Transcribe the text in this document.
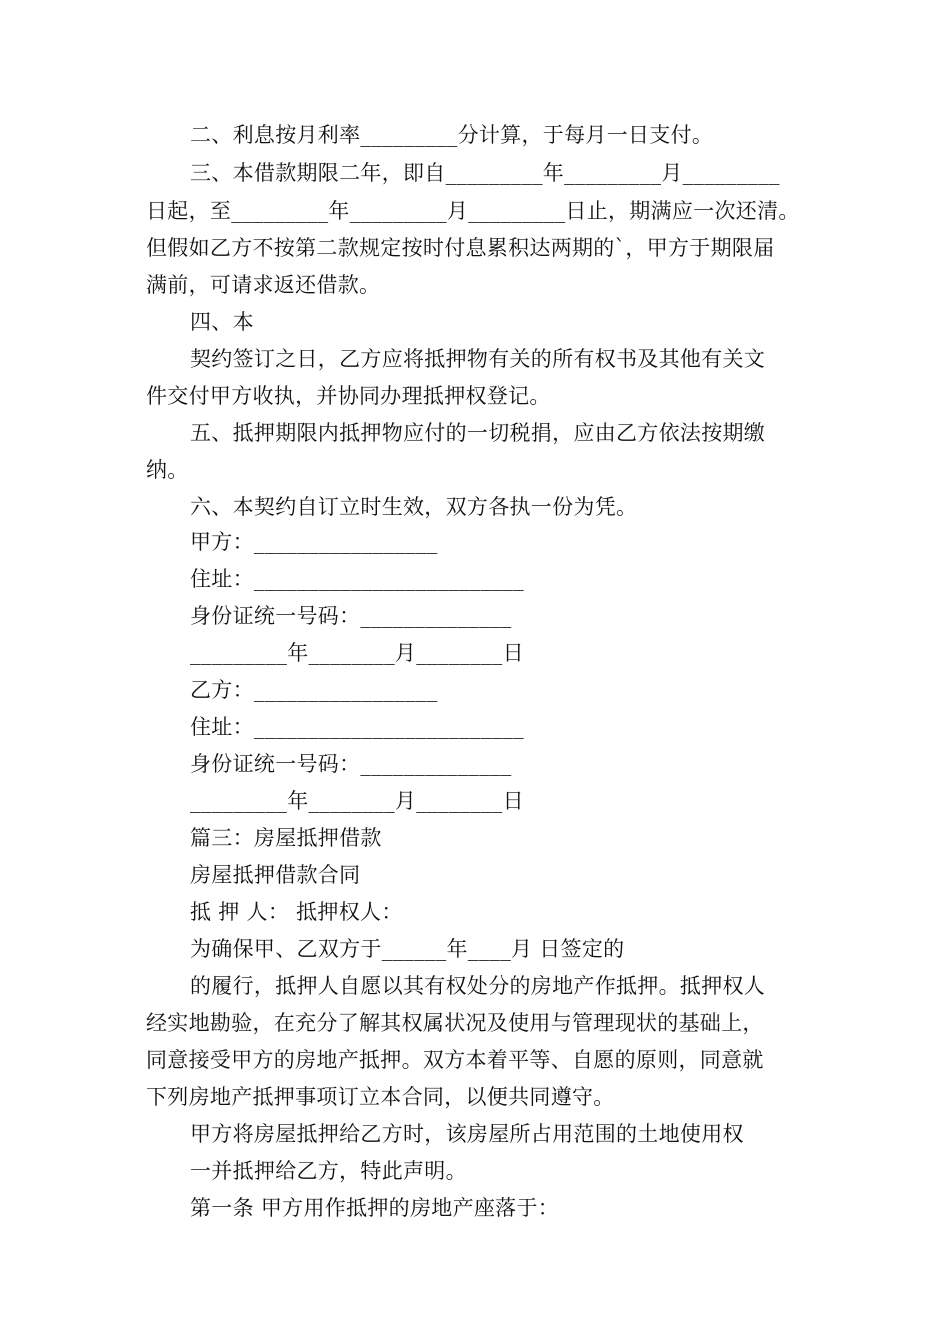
二、利息按月利率_________分计算，于每月一日支付。
三、本借款期限二年，即自_________年_________月_________
日起，至_________年_________月_________日止，期满应一次还清。
但假如乙方不按第二款规定按时付息累积达两期的`，甲方于期限届
满前，可请求返还借款。
四、本
契约签订之日，乙方应将抵押物有关的所有权书及其他有关文
件交付甲方收执，并协同办理抵押权登记。
五、抵押期限内抵押物应付的一切税捐，应由乙方依法按期缴
纳。
六、本契约自订立时生效，双方各执一份为凭。
甲方：_________________
住址：_________________________
身份证统一号码：______________
_________年________月________日
乙方：_________________
住址：_________________________
身份证统一号码：______________
_________年________月________日
篇三：房屋抵押借款
房屋抵押借款合同
抵 押 人： 抵押权人：
为确保甲、乙双方于______年____月 日签定的
的履行，抵押人自愿以其有权处分的房地产作抵押。抵押权人
经实地勘验，在充分了解其权属状况及使用与管理现状的基础上，
同意接受甲方的房地产抵押。双方本着平等、自愿的原则，同意就
下列房地产抵押事项订立本合同，以便共同遵守。
甲方将房屋抵押给乙方时，该房屋所占用范围的土地使用权
一并抵押给乙方，特此声明。
第一条 甲方用作抵押的房地产座落于：
